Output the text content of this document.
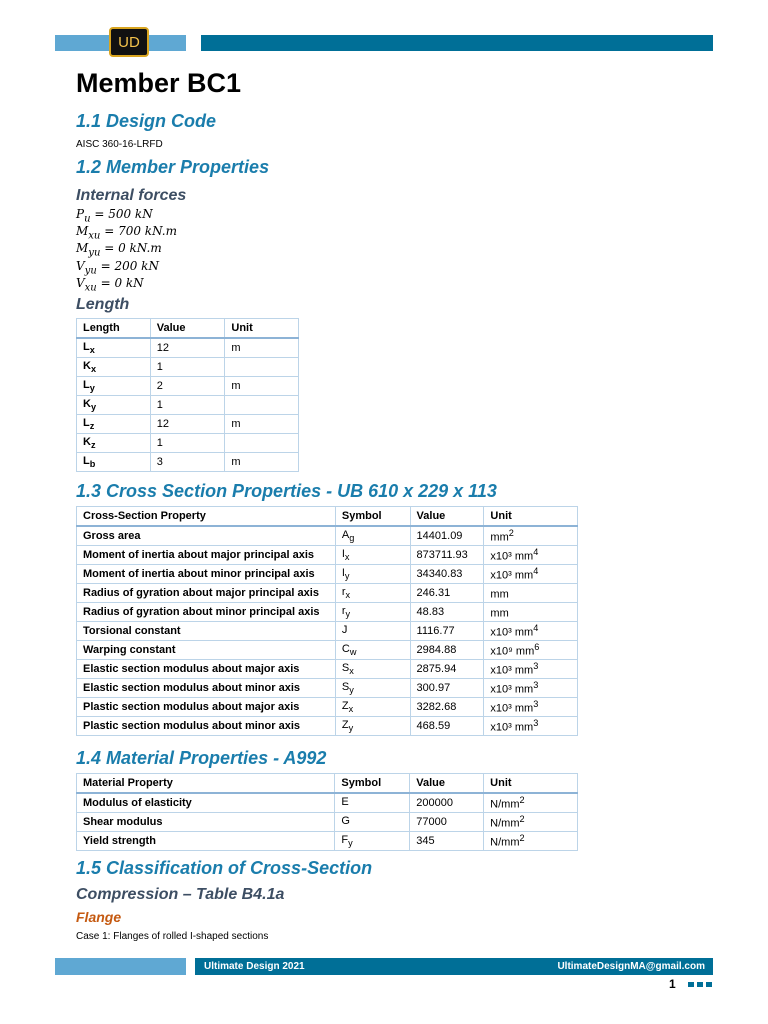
UD
Member BC1
1.1 Design Code

AISC 360-16-LRFD

1.2 Member Properties
Internal forces
$P_u = 500$ kN
$M_{xu} = 700$ kN.m
$M_{yu} = 0$ kN.m
$V_{yu} = 200$ kN
$V_{xu} = 0$ kN
Length
Length	Value	Unit
$L_x$	12	m
$K_x$	1	
$L_y$	2	m
$K_y$	1	
$L_z$	12	m
$K_z$	1	
$L_b$	3	m
1.3 Cross Section Properties - UB 610 x 229 x 113
Cross-Section Property	Symbol	Value	Unit
Gross area	$A_g$	14401.09	$mm^2$
Moment of inertia about major principal axis	$I_x$	873711.93	x10³ $mm^4$
Moment of inertia about minor principal axis	$I_y$	34340.83	x10³ $mm^4$
Radius of gyration about major principal axis	$r_x$	246.31	mm
Radius of gyration about minor principal axis	$r_y$	48.83	mm
Torsional constant	J	1116.77	x10³ $mm^4$
Warping constant	$C_w$	2984.88	x10⁹ $mm^6$
Elastic section modulus about major axis	$S_x$	2875.94	x10³ $mm^3$
Elastic section modulus about minor axis	$S_y$	300.97	x10³ $mm^3$
Plastic section modulus about major axis	$Z_x$	3282.68	x10³ $mm^3$
Plastic section modulus about minor axis	$Z_y$	468.59	x10³ $mm^3$
1.4 Material Properties - A992
Material Property	Symbol	Value	Unit
Modulus of elasticity	E	200000	$N/mm^2$
Shear modulus	G	77000	$N/mm^2$
Yield strength	$F_y$	345	$N/mm^2$
1.5 Classification of Cross-Section
Compression – Table B4.1a
Flange

Case 1: Flanges of rolled I-shaped sections

Ultimate Design 2021	UltimateDesignMA@gmail.com
1
